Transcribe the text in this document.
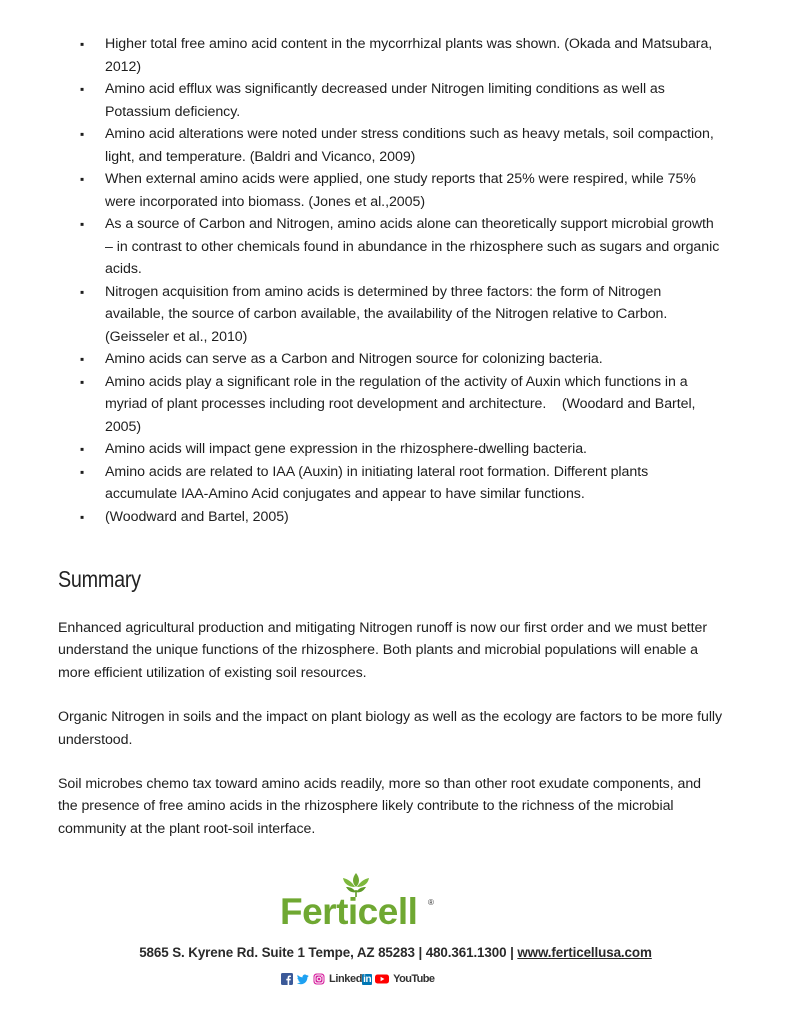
▪ Higher total free amino acid content in the mycorrhizal plants was shown. (Okada and Matsubara, 2012)
▪ Amino acid efflux was significantly decreased under Nitrogen limiting conditions as well as Potassium deficiency.
▪ Amino acid alterations were noted under stress conditions such as heavy metals, soil compaction, light, and temperature. (Baldri and Vicanco, 2009)
▪ When external amino acids were applied, one study reports that 25% were respired, while 75% were incorporated into biomass. (Jones et al.,2005)
▪ As a source of Carbon and Nitrogen, amino acids alone can theoretically support microbial growth – in contrast to other chemicals found in abundance in the rhizosphere such as sugars and organic acids.
▪ Nitrogen acquisition from amino acids is determined by three factors: the form of Nitrogen available, the source of carbon available, the availability of the Nitrogen relative to Carbon. (Geisseler et al., 2010)
▪ Amino acids can serve as a Carbon and Nitrogen source for colonizing bacteria.
▪ Amino acids play a significant role in the regulation of the activity of Auxin which functions in a myriad of plant processes including root development and architecture.    (Woodard and Bartel, 2005)
▪ Amino acids will impact gene expression in the rhizosphere-dwelling bacteria.
▪ Amino acids are related to IAA (Auxin) in initiating lateral root formation. Different plants accumulate IAA-Amino Acid conjugates and appear to have similar functions.
▪ (Woodward and Bartel, 2005)
Summary

Enhanced agricultural production and mitigating Nitrogen runoff is now our first order and we must better understand the unique functions of the rhizosphere. Both plants and microbial populations will enable a more efficient utilization of existing soil resources.

Organic Nitrogen in soils and the impact on plant biology as well as the ecology are factors to be more fully understood.

Soil microbes chemo tax toward amino acids readily, more so than other root exudate components, and the presence of free amino acids in the rhizosphere likely contribute to the richness of the microbial community at the plant root-soil interface.

Ferticell ®
5865 S. Kyrene Rd. Suite 1 Tempe, AZ 85283 | 480.361.1300 | www.ferticellusa.com
Linkedin YouTube
